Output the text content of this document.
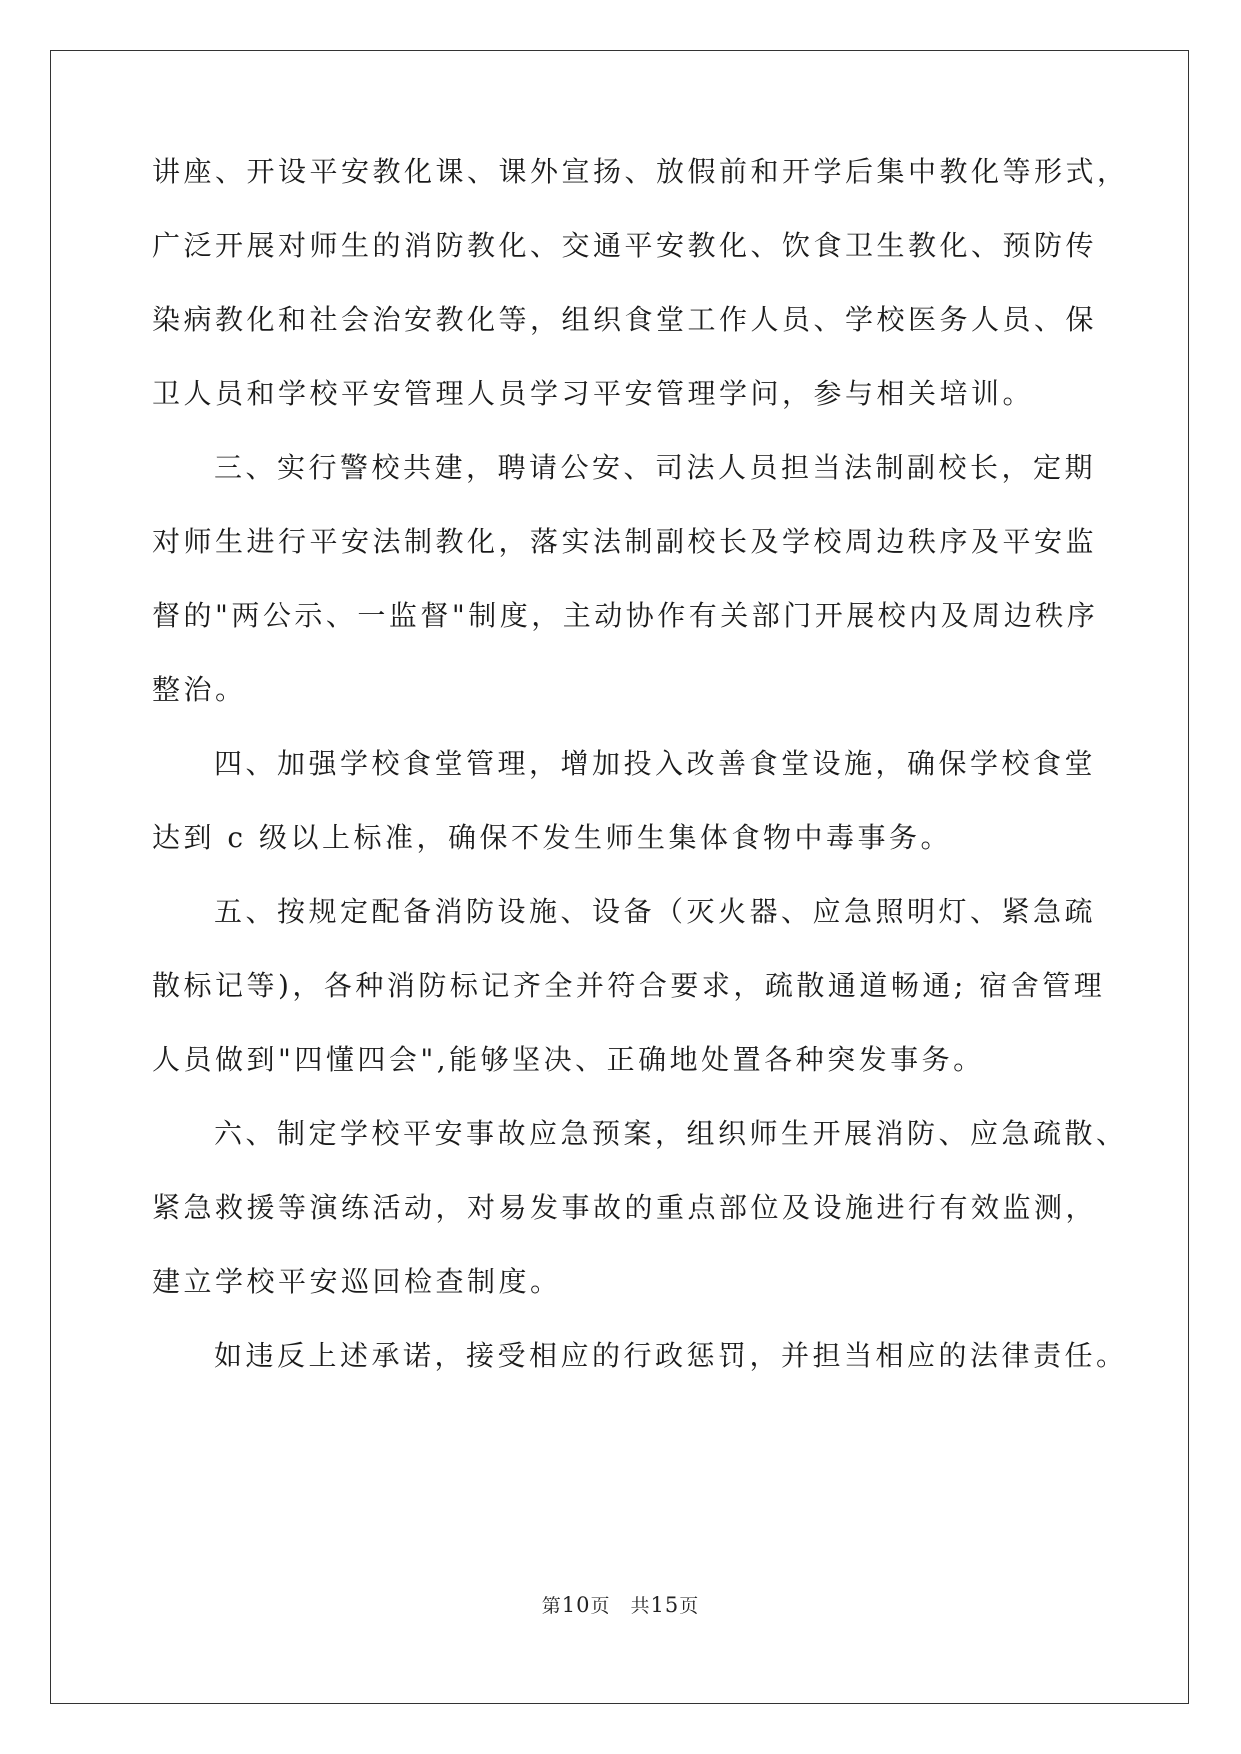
讲座、开设平安教化课、课外宣扬、放假前和开学后集中教化等形式，
广泛开展对师生的消防教化、交通平安教化、饮食卫生教化、预防传
染病教化和社会治安教化等，组织食堂工作人员、学校医务人员、保
卫人员和学校平安管理人员学习平安管理学问，参与相关培训。
三、实行警校共建，聘请公安、司法人员担当法制副校长，定期
对师生进行平安法制教化，落实法制副校长及学校周边秩序及平安监
督的"两公示、一监督"制度，主动协作有关部门开展校内及周边秩序
整治。
四、加强学校食堂管理，增加投入改善食堂设施，确保学校食堂
达到 c 级以上标准，确保不发生师生集体食物中毒事务。
五、按规定配备消防设施、设备（灭火器、应急照明灯、紧急疏
散标记等)，各种消防标记齐全并符合要求，疏散通道畅通; 宿舍管理
人员做到"四懂四会",能够坚决、正确地处置各种突发事务。
六、制定学校平安事故应急预案，组织师生开展消防、应急疏散、
紧急救援等演练活动，对易发事故的重点部位及设施进行有效监测，
建立学校平安巡回检查制度。
如违反上述承诺，接受相应的行政惩罚，并担当相应的法律责任。
第10页　共15页
